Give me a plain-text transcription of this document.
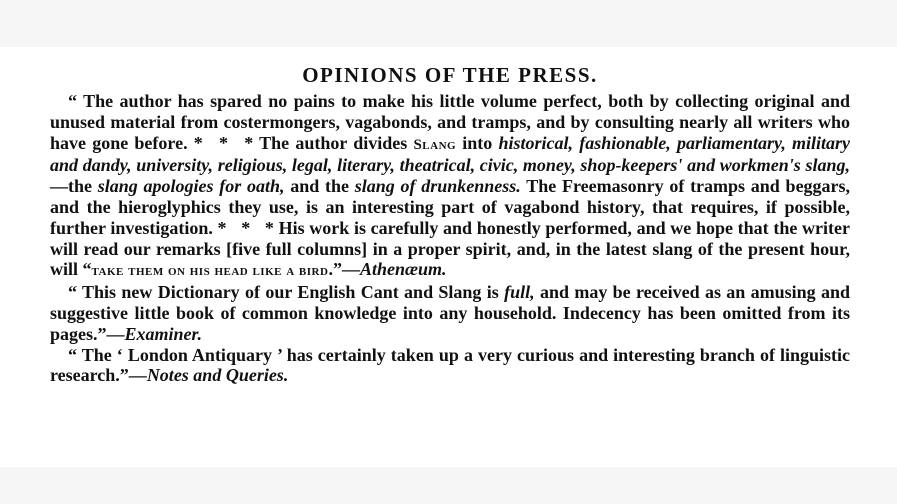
OPINIONS OF THE PRESS.

“ The author has spared no pains to make his little volume perfect, both by collecting original and unused material from costermongers, vagabonds, and tramps, and by consulting nearly all writers who have gone before. * * * The author divides Slang into historical, fashionable, parliamentary, military and dandy, university, religious, legal, literary, theatrical, civic, money, shop-keepers' and workmen's slang,—the slang apologies for oath, and the slang of drunkenness. The Freemasonry of tramps and beggars, and the hieroglyphics they use, is an interesting part of vagabond history, that requires, if possible, further investigation. * * * His work is carefully and honestly performed, and we hope that the writer will read our remarks [five full columns] in a proper spirit, and, in the latest slang of the present hour, will “take them on his head like a bird.”—Athenæum.

“ This new Dictionary of our English Cant and Slang is full, and may be received as an amusing and suggestive little book of common knowledge into any household. Indecency has been omitted from its pages.”—Examiner.

“ The ‘ London Antiquary ’ has certainly taken up a very curious and interesting branch of linguistic research.”—Notes and Queries.
